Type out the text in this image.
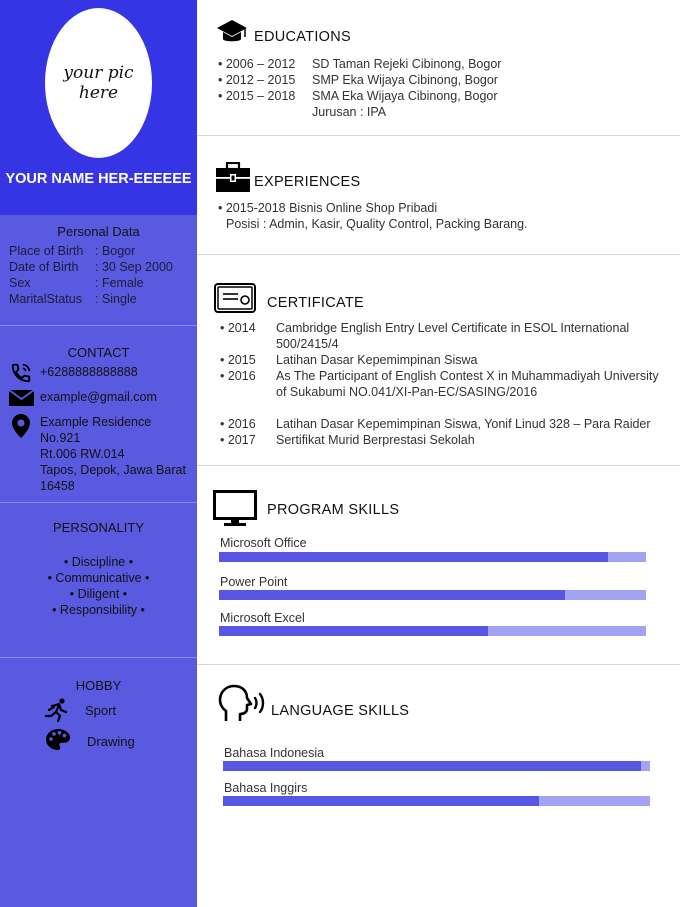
your pic here
YOUR NAME HER-EEEEEE
Personal Data
Place of Birth : Bogor
Date of Birth : 30 Sep 2000
Sex	: Female
MaritalStatus : Single
CONTACT
+6288888888888
example@gmail.com
Example Residence
No.921
Rt.006 RW.014
Tapos, Depok, Jawa Barat
16458
PERSONALITY
• Discipline •
• Communicative •
• Diligent •
• Responsibility •
HOBBY
Sport
Drawing
EDUCATIONS
• 2006 – 2012 SD Taman Rejeki Cibinong, Bogor
• 2012 – 2015 SMP Eka Wijaya Cibinong, Bogor
• 2015 – 2018 SMA Eka Wijaya Cibinong, Bogor
Jurusan : IPA
EXPERIENCES
• 2015-2018 Bisnis Online Shop Pribadi
Posisi : Admin, Kasir, Quality Control, Packing Barang.
CERTIFICATE
• 2014 Cambridge English Entry Level Certificate in ESOL International 500/2415/4
• 2015 Latihan Dasar Kepemimpinan Siswa
• 2016 As The Participant of English Contest X in Muhammadiyah University of Sukabumi NO.041/XI-Pan-EC/SASING/2016
• 2016 Latihan Dasar Kepemimpinan Siswa, Yonif Linud 328 – Para Raider
• 2017 Sertifikat Murid Berprestasi Sekolah
PROGRAM SKILLS
Microsoft Office
Power Point
Microsoft Excel
LANGUAGE SKILLS
Bahasa Indonesia
Bahasa Inggirs
